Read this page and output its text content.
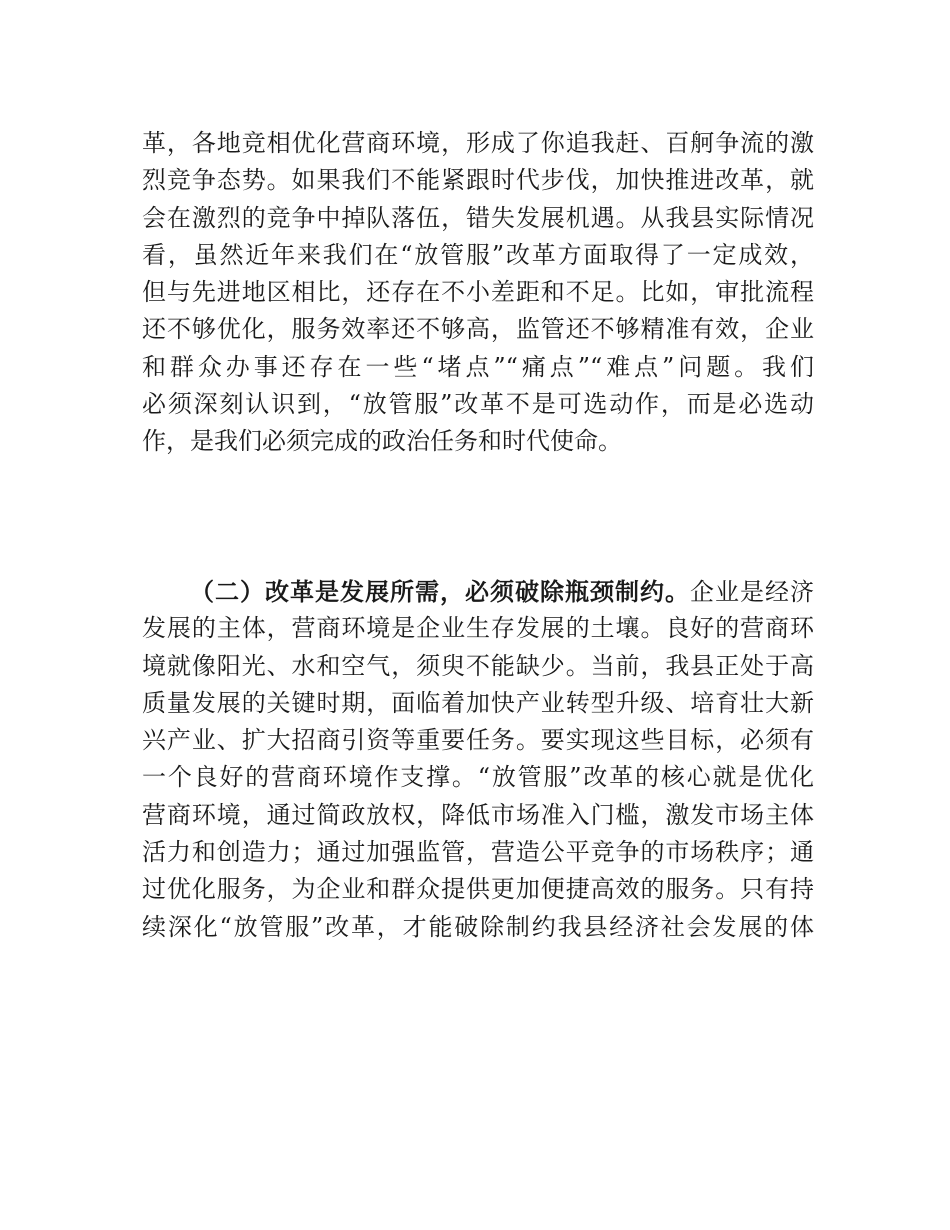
革，各地竞相优化营商环境，形成了你追我赶、百舸争流的激
烈竞争态势。如果我们不能紧跟时代步伐，加快推进改革，就
会在激烈的竞争中掉队落伍，错失发展机遇。从我县实际情况
看，虽然近年来我们在“放管服”改革方面取得了一定成效，
但与先进地区相比，还存在不小差距和不足。比如，审批流程
还不够优化，服务效率还不够高，监管还不够精准有效，企业
和群众办事还存在一些“堵点”“痛点”“难点”问题。我们
必须深刻认识到，“放管服”改革不是可选动作，而是必选动
作，是我们必须完成的政治任务和时代使命。
（二）改革是发展所需，必须破除瓶颈制约。企业是经济
发展的主体，营商环境是企业生存发展的土壤。良好的营商环
境就像阳光、水和空气，须臾不能缺少。当前，我县正处于高
质量发展的关键时期，面临着加快产业转型升级、培育壮大新
兴产业、扩大招商引资等重要任务。要实现这些目标，必须有
一个良好的营商环境作支撑。“放管服”改革的核心就是优化
营商环境，通过简政放权，降低市场准入门槛，激发市场主体
活力和创造力；通过加强监管，营造公平竞争的市场秩序；通
过优化服务，为企业和群众提供更加便捷高效的服务。只有持
续深化“放管服”改革，才能破除制约我县经济社会发展的体
